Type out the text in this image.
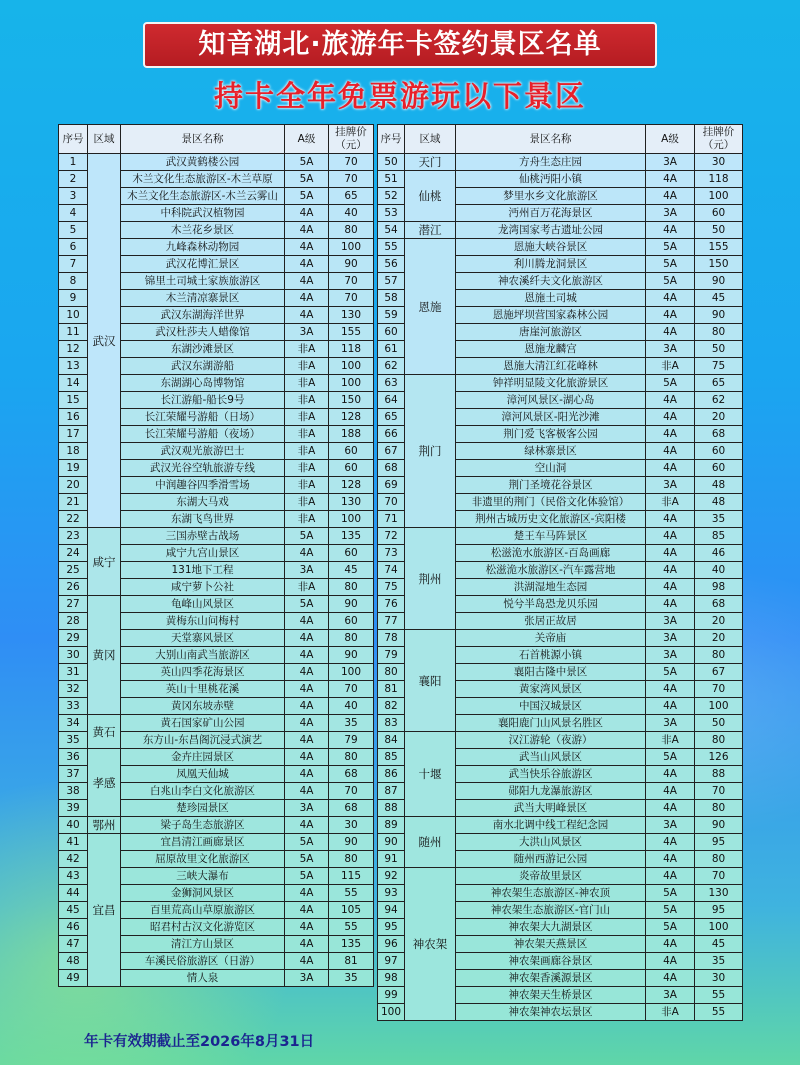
知音湖北·旅游年卡签约景区名单
持卡全年免票游玩以下景区
序号	区域	景区名称	A级	挂牌价（元）
1	武汉	武汉黄鹤楼公园	5A	70
2		木兰文化生态旅游区-木兰草原	5A	70
3		木兰文化生态旅游区-木兰云雾山	5A	65
4		中科院武汉植物园	4A	40
5		木兰花乡景区	4A	80
6		九峰森林动物园	4A	100
7		武汉花博汇景区	4A	90
8		锦里土司城土家族旅游区	4A	70
9		木兰清凉寨景区	4A	70
10		武汉东湖海洋世界	4A	130
11		武汉杜莎夫人蜡像馆	3A	155
12		东湖沙滩景区	非A	118
13		武汉东湖游船	非A	100
14		东湖湖心岛博物馆	非A	100
15		长江游船-船长9号	非A	150
16		长江荣耀号游船（日场）	非A	128
17		长江荣耀号游船（夜场）	非A	188
18		武汉观光旅游巴士	非A	60
19		武汉光谷空轨旅游专线	非A	60
20		中润趣谷四季滑雪场	非A	128
21		东湖大马戏	非A	130
22		东湖飞鸟世界	非A	100
23	咸宁	三国赤壁古战场	5A	135
24		咸宁九宫山景区	4A	60
25		131地下工程	3A	45
26		咸宁萝卜公社	非A	80
27	黄冈	龟峰山风景区	5A	90
28		黄梅东山问梅村	4A	60
29		天堂寨风景区	4A	80
30		大别山南武当旅游区	4A	90
31		英山四季花海景区	4A	100
32		英山十里桃花溪	4A	70
33		黄冈东坡赤壁	4A	40
34	黄石	黄石国家矿山公园	4A	35
35		东方山-东昌阁沉浸式演艺	4A	79
36	孝感	金卉庄园景区	4A	80
37		凤凰天仙城	4A	68
38		白兆山李白文化旅游区	4A	70
39		楚珍园景区	3A	68
40	鄂州	梁子岛生态旅游区	4A	30
41	宜昌	宜昌清江画廊景区	5A	90
42		屈原故里文化旅游区	5A	80
43		三峡大瀑布	5A	115
44		金狮洞风景区	4A	55
45		百里荒高山草原旅游区	4A	105
46		昭君村古汉文化游览区	4A	55
47		清江方山景区	4A	135
48		车溪民俗旅游区（日游）	4A	81
49		情人泉	3A	35
序号	区域	景区名称	A级	挂牌价（元）
50	天门	方舟生态庄园	3A	30
51	仙桃	仙桃沔阳小镇	4A	118
52		梦里水乡文化旅游区	4A	100
53		沔州百万花海景区	3A	60
54	潜江	龙湾国家考古遗址公园	4A	50
55	恩施	恩施大峡谷景区	5A	155
56		利川腾龙洞景区	5A	150
57		神农溪纤夫文化旅游区	5A	90
58		恩施土司城	4A	45
59		恩施坪坝营国家森林公园	4A	90
60		唐崖河旅游区	4A	80
61		恩施龙麟宫	3A	50
62		恩施大清江红花峰林	非A	75
63	荆门	钟祥明显陵文化旅游景区	5A	65
64		漳河风景区-湖心岛	4A	62
65		漳河风景区-阳光沙滩	4A	20
66		荆门爱飞客极客公园	4A	68
67		绿林寨景区	4A	60
68		空山洞	4A	60
69		荆门圣境花谷景区	3A	48
70		非遗里的荆门（民俗文化体验馆）	非A	48
71		荆州古城历史文化旅游区-宾阳楼	4A	35
72	荆州	楚王车马阵景区	4A	85
73		松滋洈水旅游区-百岛画廊	4A	46
74		松滋洈水旅游区-汽车露营地	4A	40
75		洪湖湿地生态园	4A	98
76		悦兮半岛恐龙贝乐园	4A	68
77		张居正故居	3A	20
78	襄阳	关帝庙	3A	20
79		石首桃源小镇	3A	80
80		襄阳古隆中景区	5A	67
81		黄家湾风景区	4A	70
82		中国汉城景区	4A	100
83		襄阳鹿门山风景名胜区	3A	50
84	十堰	汉江游轮（夜游）	非A	80
85		武当山风景区	5A	126
86		武当快乐谷旅游区	4A	88
87		郧阳九龙瀑旅游区	4A	70
88		武当大明峰景区	4A	80
89	随州	南水北调中线工程纪念园	3A	90
90		大洪山风景区	4A	95
91		随州西游记公园	4A	80
92	神农架	炎帝故里景区	4A	70
93		神农架生态旅游区-神农顶	5A	130
94		神农架生态旅游区-官门山	5A	95
95		神农架大九湖景区	5A	100
96		神农架天燕景区	4A	45
97		神农架画廊谷景区	4A	35
98		神农架香溪源景区	4A	30
99		神农架天生桥景区	3A	55
100		神农架神农坛景区	非A	55
年卡有效期截止至2026年8月31日
